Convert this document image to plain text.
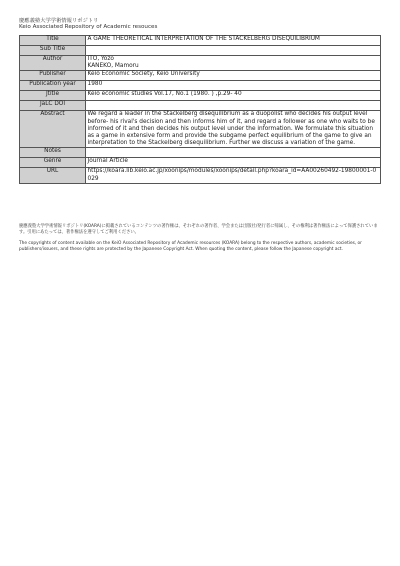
慶應義塾大学学術情報リポジトリ
Keio Associated Repository of Academic resouces
Title	A GAME THEORETICAL INTERPRETATION OF THE STACKELBERG DISEQUILIBRIUM
Sub Title	
Author	ITO, Yozo
KANEKO, Mamoru
Publisher	Keio Economic Society, Keio University
Publication year	1980
Jtitle	Keio economic studies Vol.17, No.1 (1980. ) ,p.29- 40
JaLC DOI	
Abstract	We regard a leader in the Stackelberg disequilibrium as a duopolist who decides his output level before- his rival's decision and then informs him of it, and regard a follower as one who waits to be informed of it and then decides his output level under the information. We formulate this situation as a game in extensive form and provide the subgame perfect equilibrium of the game to give an interpretation to the Stackelberg disequilibrium. Further we discuss a variation of the game.
Notes	
Genre	Journal Article
URL	https://koara.lib.keio.ac.jp/xoonips/modules/xoonips/detail.php?koara_id=AA00260492-19800001-0029
慶應義塾大学学術情報リポジトリ(KOARA)に掲載されているコンテンツの著作権は、それぞれの著作者、学会または出版社/発行者に帰属し、その権利は著作権法によって保護されています。引用にあたっては、著作権法を遵守してご利用ください。
The copyrights of content available on the KeiO Associated Repository of Academic resources (KOARA) belong to the respective authors, academic societies, or publishers/issuers, and these rights are protected by the Japanese Copyright Act. When quoting the content, please follow the Japanese copyright act.
